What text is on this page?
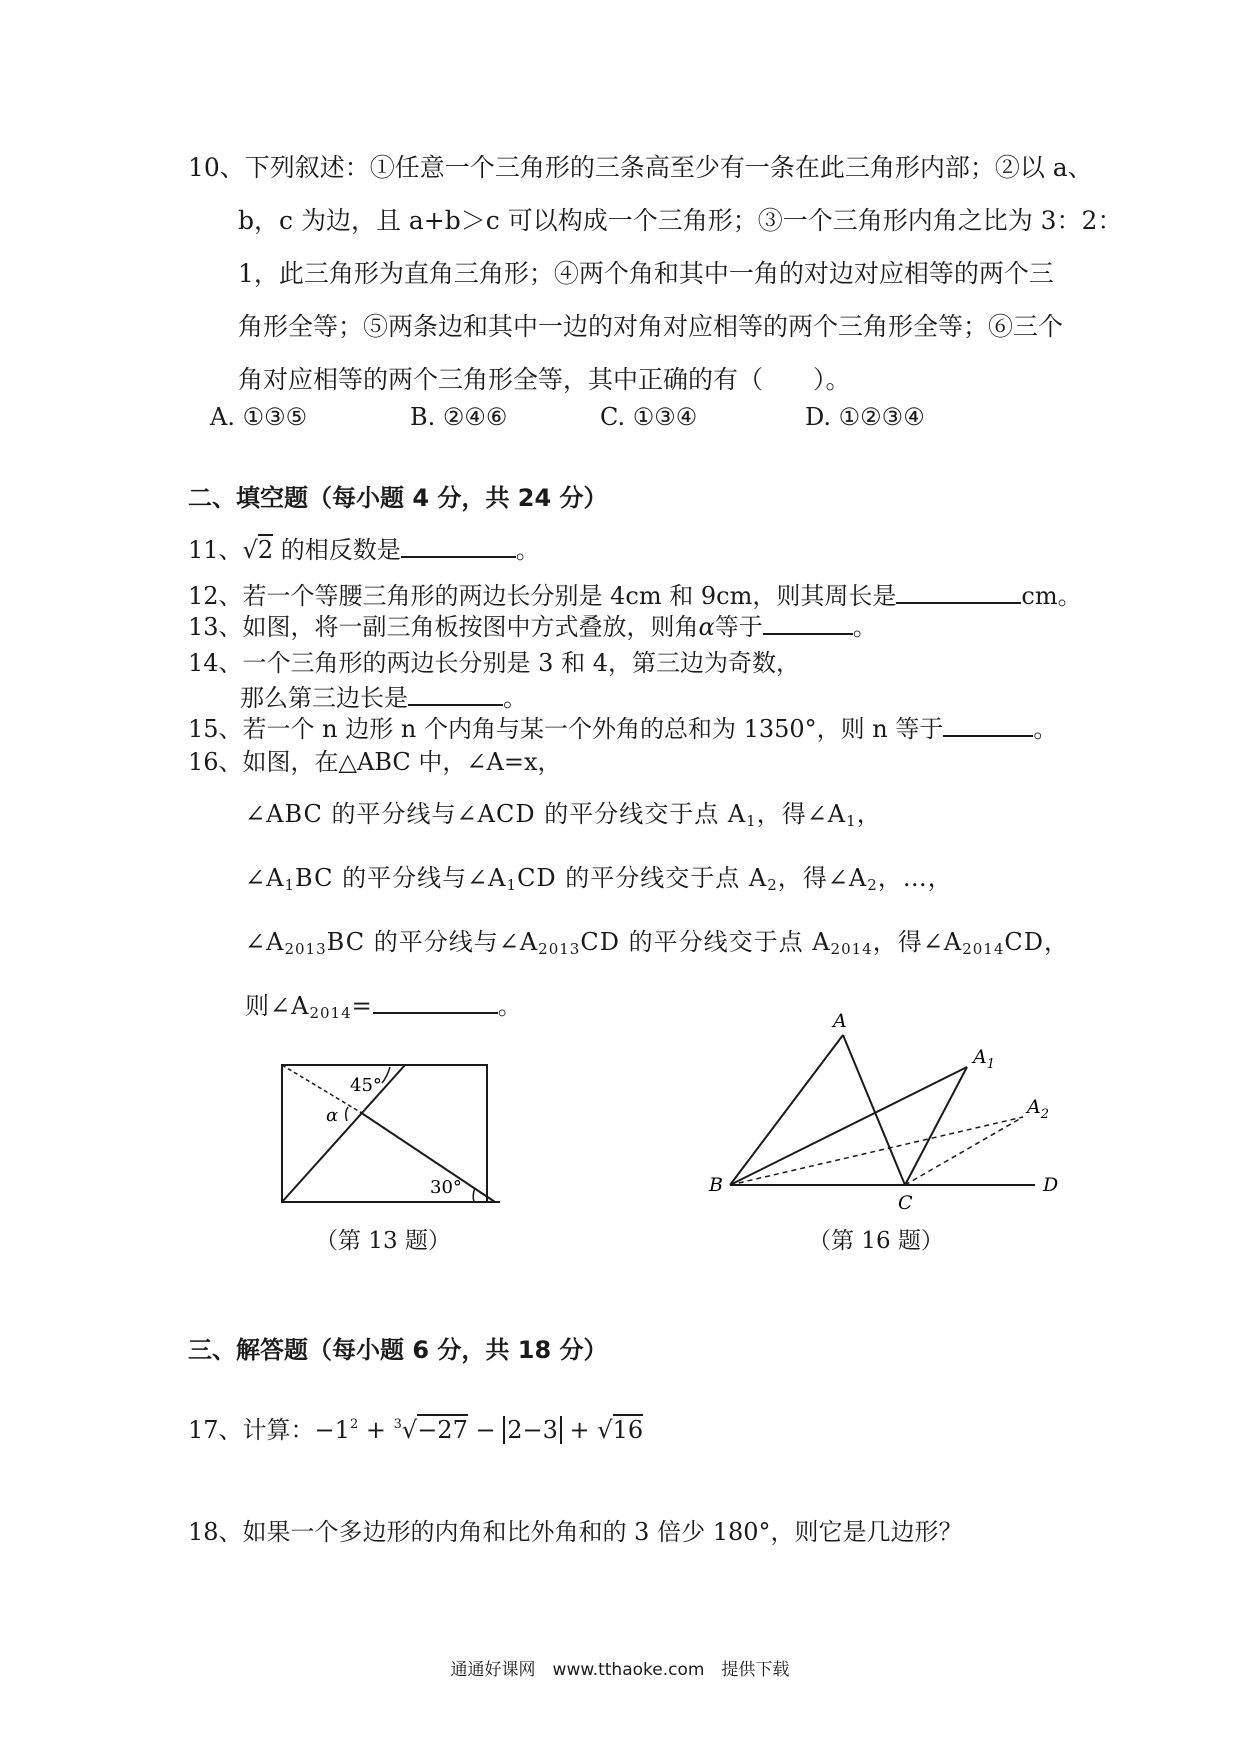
10、下列叙述：①任意一个三角形的三条高至少有一条在此三角形内部；②以 a、
b，c 为边，且 a+b＞c 可以构成一个三角形；③一个三角形内角之比为 3：2：
1，此三角形为直角三角形；④两个角和其中一角的对边对应相等的两个三
角形全等；⑤两条边和其中一边的对角对应相等的两个三角形全等；⑥三个
角对应相等的两个三角形全等，其中正确的有（　　）。
A. ①③⑤	B. ②④⑥	C. ①③④	D. ①②③④
二、填空题（每小题 4 分，共 24 分）
11、√2 的相反数是	。
12、若一个等腰三角形的两边长分别是 4cm 和 9cm，则其周长是	cm。
13、如图，将一副三角板按图中方式叠放，则角α等于	。
14、一个三角形的两边长分别是 3 和 4，第三边为奇数，
那么第三边长是	。
15、若一个 n 边形 n 个内角与某一个外角的总和为 1350°，则 n 等于	。
16、如图，在△ABC 中，∠A=x，
∠ABC 的平分线与∠ACD 的平分线交于点 $A_1$，得$\angle A_1$，
$\angle A_1BC$ 的平分线与$\angle A_1CD$ 的平分线交于点 $A_2$，得$\angle A_2$，…，
$\angle A_{2013}BC$ 的平分线与$\angle A_{2013}CD$ 的平分线交于点 $A_{2014}$，得$\angle A_{2014}CD$，
则$\angle A_{2014}=$	。
45°
α
30°
（第 13 题）
A
$A_1$
$A_2$
B
C
D
（第 16 题）
三、解答题（每小题 6 分，共 18 分）
17、计算：$-1^2 + ^3√-27 - 2-3 + √16$
18、如果一个多边形的内角和比外角和的 3 倍少 180°，则它是几边形？
通通好课网　www.tthaoke.com　提供下载
